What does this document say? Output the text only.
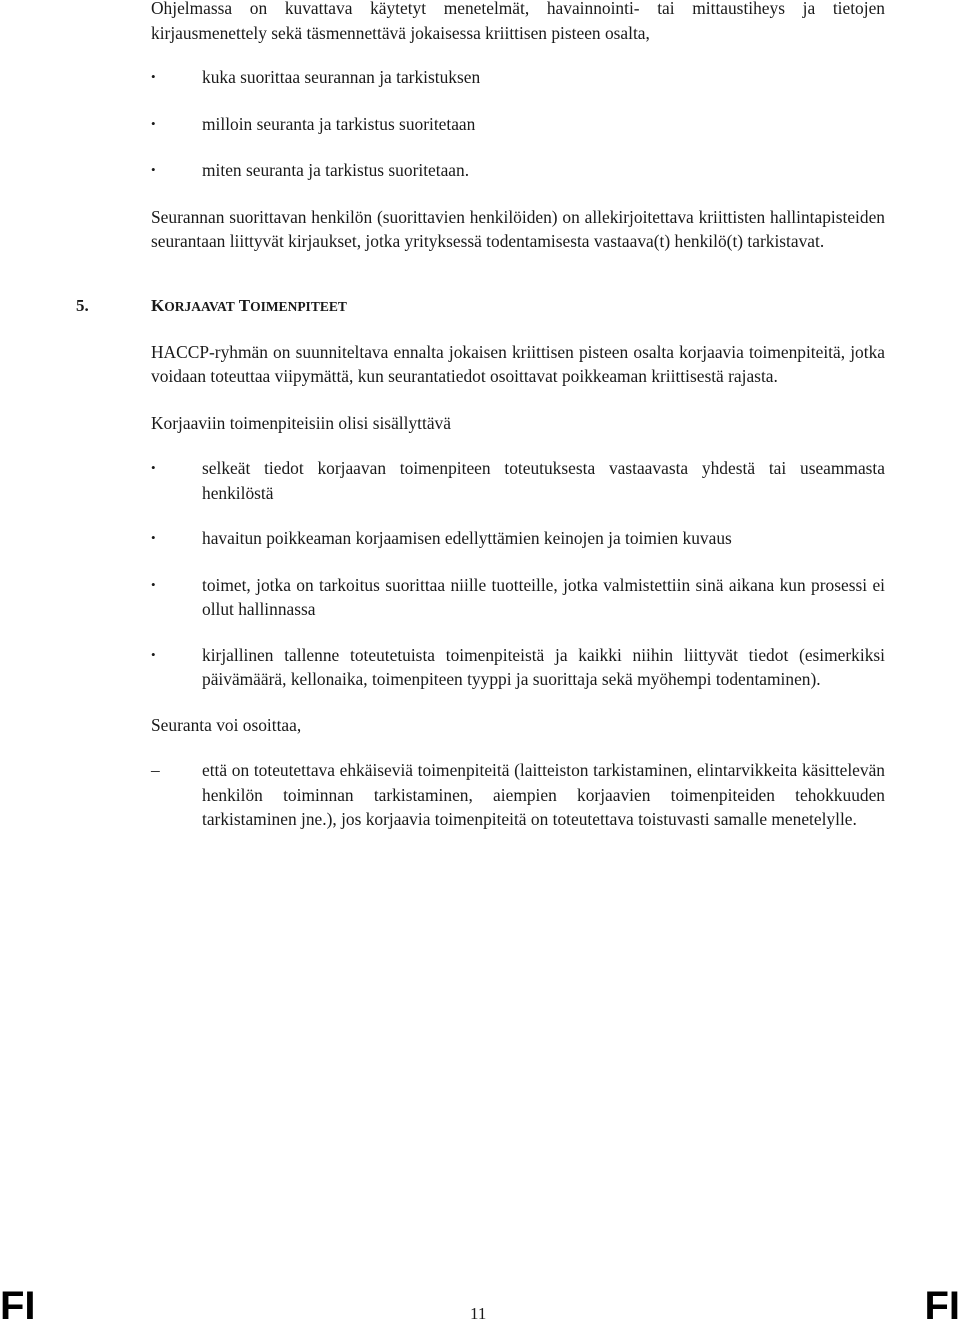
Ohjelmassa on kuvattava käytetyt menetelmät, havainnointi- tai mittaustiheys ja tietojen kirjausmenettely sekä täsmennettävä jokaisessa kriittisen pisteen osalta,

•	kuka suorittaa seurannan ja tarkistuksen
•	milloin seuranta ja tarkistus suoritetaan
•	miten seuranta ja tarkistus suoritetaan.

Seurannan suorittavan henkilön (suorittavien henkilöiden) on allekirjoitettava kriittisten hallintapisteiden seurantaan liittyvät kirjaukset, jotka yrityksessä todentamisesta vastaava(t) henkilö(t) tarkistavat.

5.	KORJAAVAT TOIMENPITEET

HACCP-ryhmän on suunniteltava ennalta jokaisen kriittisen pisteen osalta korjaavia toimenpiteitä, jotka voidaan toteuttaa viipymättä, kun seurantatiedot osoittavat poikkeaman kriittisestä rajasta.

Korjaaviin toimenpiteisiin olisi sisällyttävä

•	selkeät tiedot korjaavan toimenpiteen toteutuksesta vastaavasta yhdestä tai useammasta henkilöstä
•	havaitun poikkeaman korjaamisen edellyttämien keinojen ja toimien kuvaus
•	toimet, jotka on tarkoitus suorittaa niille tuotteille, jotka valmistettiin sinä aikana kun prosessi ei ollut hallinnassa
•	kirjallinen tallenne toteutetuista toimenpiteistä ja kaikki niihin liittyvät tiedot (esimerkiksi päivämäärä, kellonaika, toimenpiteen tyyppi ja suorittaja sekä myöhempi todentaminen).

Seuranta voi osoittaa,

– että on toteutettava ehkäiseviä toimenpiteitä (laitteiston tarkistaminen, elintarvikkeita käsittelevän henkilön toiminnan tarkistaminen, aiempien korjaavien toimenpiteiden tehokkuuden tarkistaminen jne.), jos korjaavia toimenpiteitä on toteutettava toistuvasti samalle menetelylle.
FI	11	FI
